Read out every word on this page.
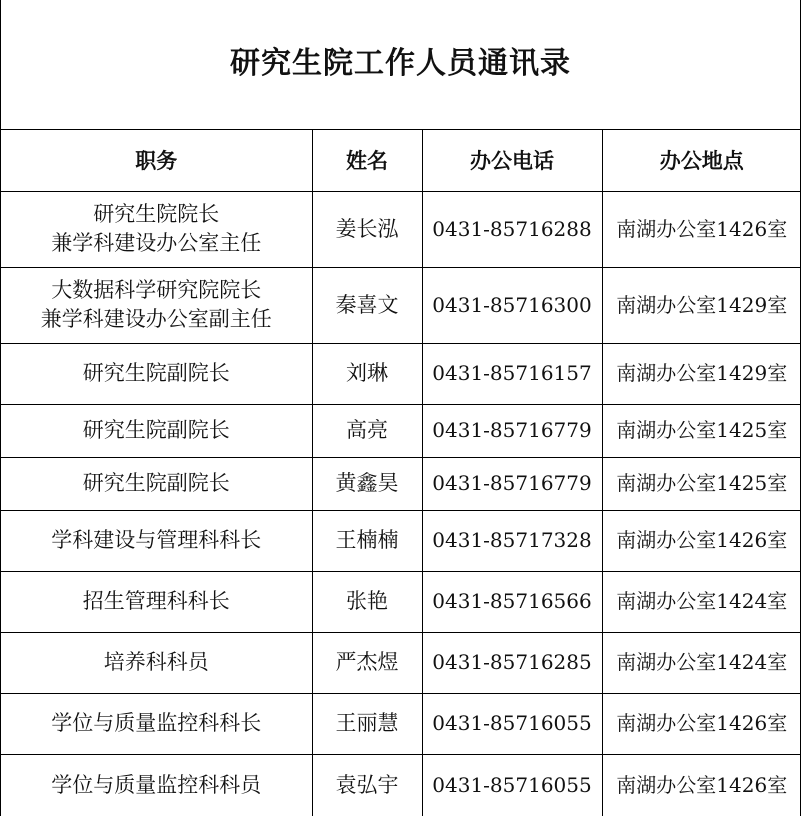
研究生院工作人员通讯录
职务	姓名	办公电话	办公地点

研究生院院长
兼学科建设办公室主任	姜长泓	0431-85716288	南湖办公室1426室

大数据科学研究院院长
兼学科建设办公室副主任	秦喜文	0431-85716300	南湖办公室1429室
研究生院副院长	刘琳	0431-85716157	南湖办公室1429室
研究生院副院长	高亮	0431-85716779	南湖办公室1425室
研究生院副院长	黄鑫昊	0431-85716779	南湖办公室1425室
学科建设与管理科科长	王楠楠	0431-85717328	南湖办公室1426室
招生管理科科长	张艳	0431-85716566	南湖办公室1424室
培养科科员	严杰煜	0431-85716285	南湖办公室1424室
学位与质量监控科科长	王丽慧	0431-85716055	南湖办公室1426室
学位与质量监控科科员	袁弘宇	0431-85716055	南湖办公室1426室
